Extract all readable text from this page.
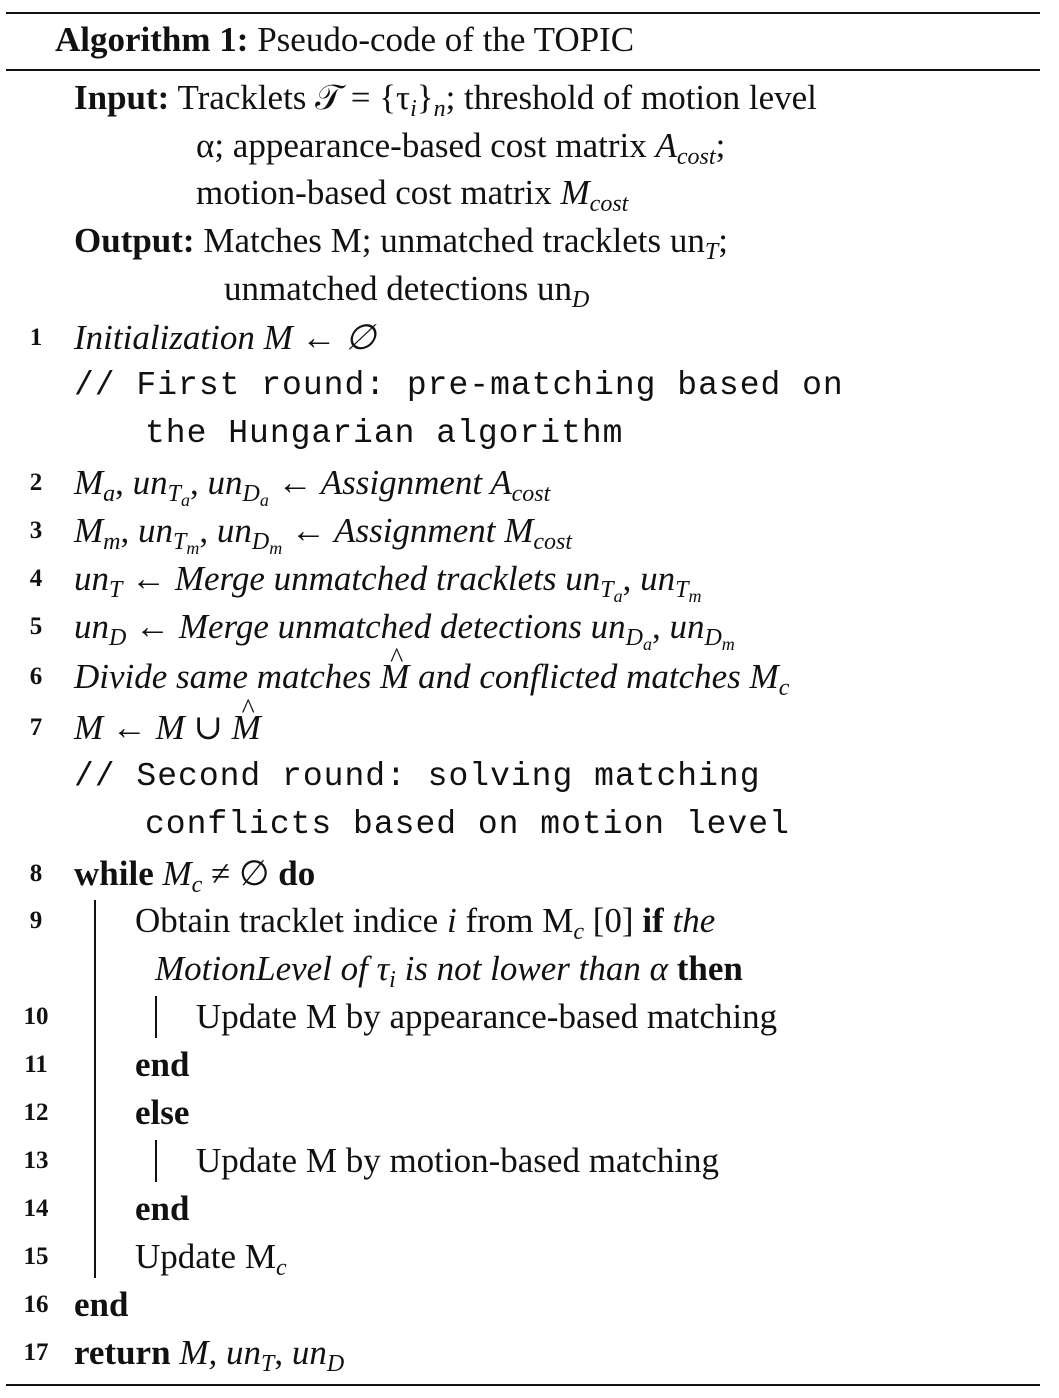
Algorithm 1: Pseudo-code of the TOPIC
Input: Tracklets 𝒯 = $\{\tau_i\}_n$; threshold of motion level
α; appearance-based cost matrix $A_{cost}$;
motion-based cost matrix $M_{cost}$
Output: Matches M; unmatched tracklets $un_T$;
unmatched detections $un_D$
1
2
3
4
5
6
7
8
9
10
11
12
13
14
15
16
17
Initialization M ← ∅
// First round: pre-matching based on
the Hungarian algorithm
$M_a$, $un_{T_a}$, $un_{D_a}$ ← Assignment $A_{cost}$
$M_m$, $un_{T_m}$, $un_{D_m}$ ← Assignment $M_{cost}$
$un_T$ ← Merge unmatched tracklets $un_{T_a}$, $un_{T_m}$
$un_D$ ← Merge unmatched detections $un_{D_a}$, $un_{D_m}$
Divide same matches ^ M and conflicted matches $M_c$
M ← M ∪ ^ M
// Second round: solving matching
conflicts based on motion level
while $M_c$ ≠ ∅ do
Obtain tracklet indice i from $M_c$ [0] if the
MotionLevel of $\tau_i$ is not lower than α then
Update M by appearance-based matching
end
else
Update M by motion-based matching
end
Update $M_c$
end
return M, $un_T$, $un_D$
